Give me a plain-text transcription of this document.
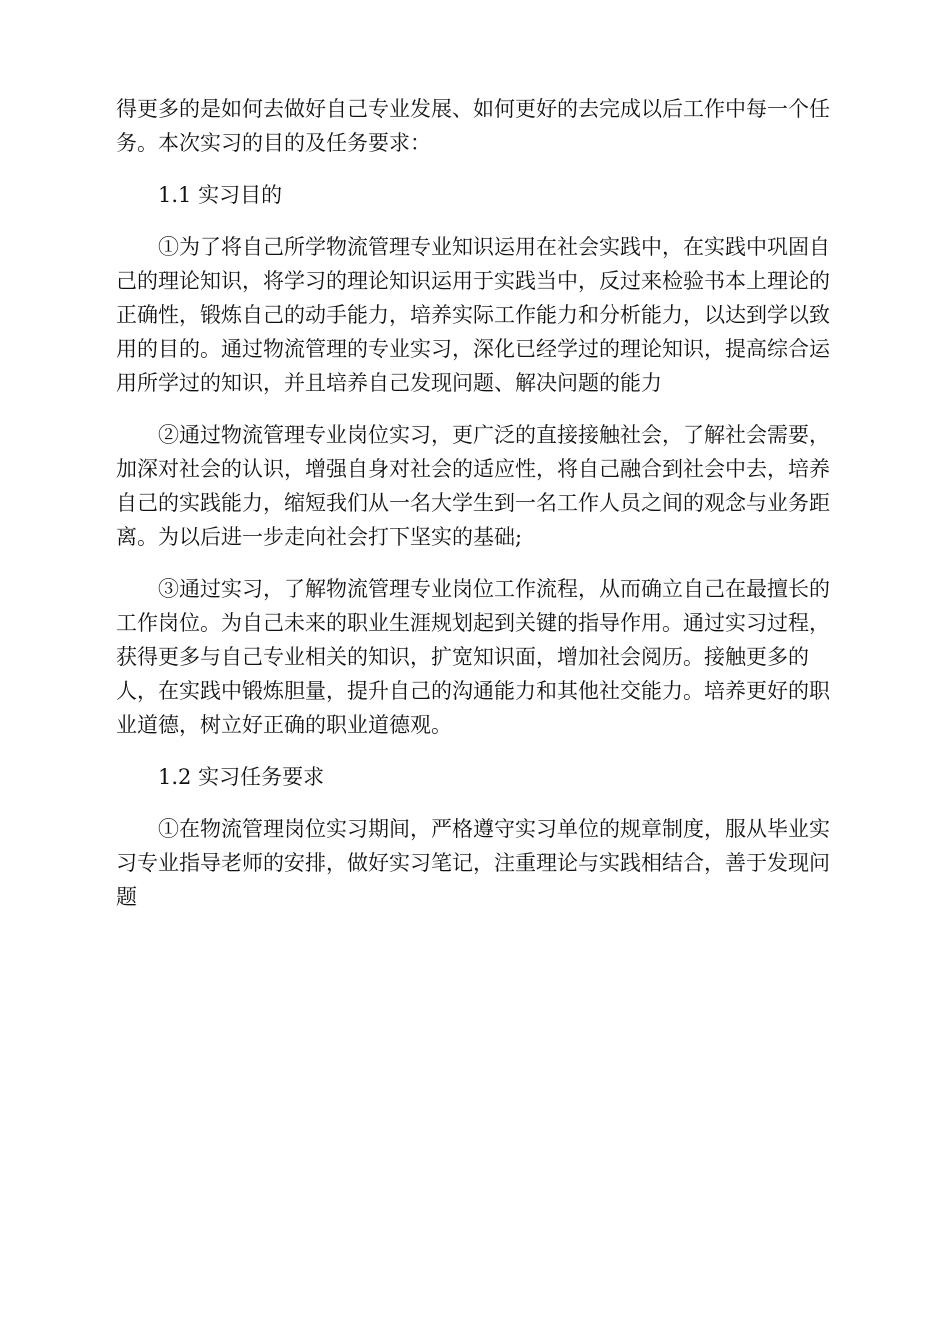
得更多的是如何去做好自己专业发展、如何更好的去完成以后工作中每一个任务。本次实习的目的及任务要求：

1.1 实习目的

①为了将自己所学物流管理专业知识运用在社会实践中，在实践中巩固自己的理论知识，将学习的理论知识运用于实践当中，反过来检验书本上理论的正确性，锻炼自己的动手能力，培养实际工作能力和分析能力，以达到学以致用的目的。通过物流管理的专业实习，深化已经学过的理论知识，提高综合运用所学过的知识，并且培养自己发现问题、解决问题的能力

②通过物流管理专业岗位实习，更广泛的直接接触社会，了解社会需要，加深对社会的认识，增强自身对社会的适应性，将自己融合到社会中去，培养自己的实践能力，缩短我们从一名大学生到一名工作人员之间的观念与业务距离。为以后进一步走向社会打下坚实的基础;

③通过实习，了解物流管理专业岗位工作流程，从而确立自己在最擅长的工作岗位。为自己未来的职业生涯规划起到关键的指导作用。通过实习过程，获得更多与自己专业相关的知识，扩宽知识面，增加社会阅历。接触更多的人，在实践中锻炼胆量，提升自己的沟通能力和其他社交能力。培养更好的职业道德，树立好正确的职业道德观。

1.2 实习任务要求

①在物流管理岗位实习期间，严格遵守实习单位的规章制度，服从毕业实习专业指导老师的安排，做好实习笔记，注重理论与实践相结合，善于发现问题
